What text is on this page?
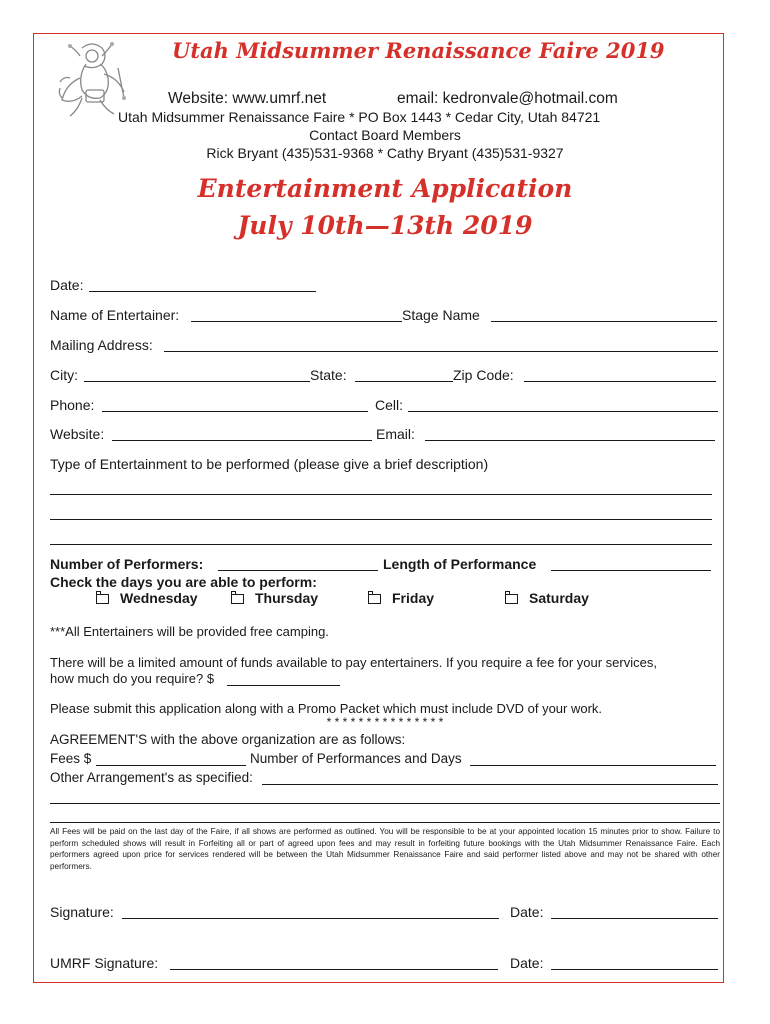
Utah Midsummer Renaissance Faire 2019
Website: www.umrf.net	email: kedronvale@hotmail.com
Utah Midsummer Renaissance Faire * PO Box 1443 * Cedar City, Utah 84721
Contact Board Members
Rick Bryant (435)531-9368 * Cathy Bryant (435)531-9327
Entertainment Application
July 10th—13th 2019
Date:
Name of Entertainer:	Stage Name
Mailing Address:
City:	State:	Zip Code:
Phone:	Cell:
Website:	Email:
Type of Entertainment to be performed (please give a brief description)
Number of Performers:	Length of Performance
Check the days you are able to perform:
Wednesday	Thursday	Friday	Saturday
***All Entertainers will be provided free camping.
There will be a limited amount of funds available to pay entertainers. If you require a fee for your services,
how much do you require? $
Please submit this application along with a Promo Packet which must include DVD of your work.
* * * * * * * * * * * * * * *
AGREEMENT'S with the above organization are as follows:
Fees $	Number of Performances and Days
Other Arrangement's as specified:
All Fees will be paid on the last day of the Faire, if all shows are performed as outlined. You will be responsible to be at your appointed location 15 minutes prior to show. Failure to perform scheduled shows will result in Forfeiting all or part of agreed upon fees and may result in forfeiting future bookings with the Utah Midsummer Renaissance Faire. Each performers agreed upon price for services rendered will be between the Utah Midsummer Renaissance Faire and said performer listed above and may not be shared with other performers.
Signature:	Date:
UMRF Signature:	Date:
